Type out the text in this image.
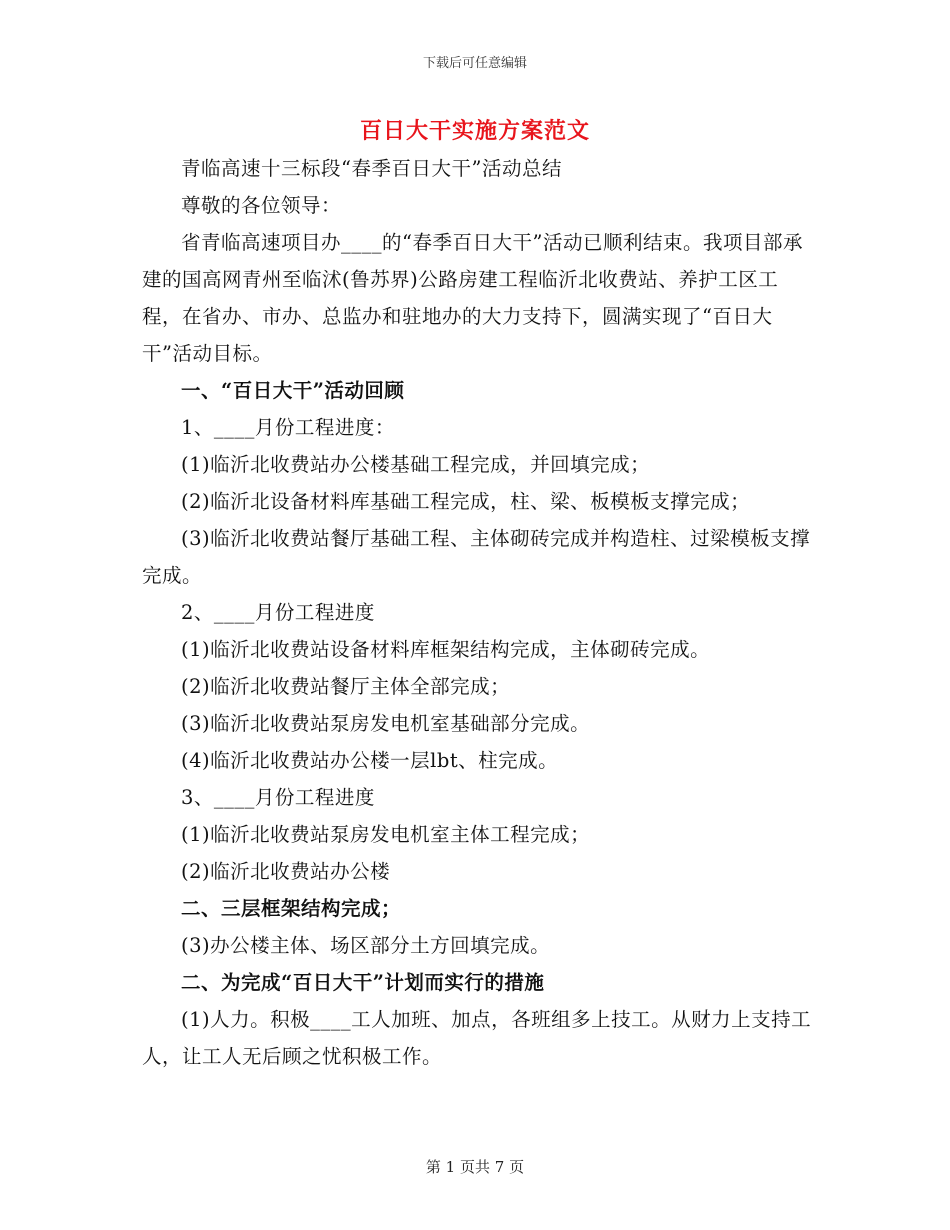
下载后可任意编辑
百日大干实施方案范文

青临高速十三标段“春季百日大干”活动总结

尊敬的各位领导：

省青临高速项目办____的“春季百日大干”活动已顺利结束。我项目部承建的国高网青州至临沭(鲁苏界)公路房建工程临沂北收费站、养护工区工程，在省办、市办、总监办和驻地办的大力支持下，圆满实现了“百日大干”活动目标。

一、“百日大干”活动回顾

1、____月份工程进度：

(1)临沂北收费站办公楼基础工程完成，并回填完成；

(2)临沂北设备材料库基础工程完成，柱、梁、板模板支撑完成；

(3)临沂北收费站餐厅基础工程、主体砌砖完成并构造柱、过梁模板支撑完成。

2、____月份工程进度

(1)临沂北收费站设备材料库框架结构完成，主体砌砖完成。

(2)临沂北收费站餐厅主体全部完成；

(3)临沂北收费站泵房发电机室基础部分完成。

(4)临沂北收费站办公楼一层lbt、柱完成。

3、____月份工程进度

(1)临沂北收费站泵房发电机室主体工程完成；

(2)临沂北收费站办公楼

二、三层框架结构完成；

(3)办公楼主体、场区部分土方回填完成。

二、为完成“百日大干”计划而实行的措施

(1)人力。积极____工人加班、加点，各班组多上技工。从财力上支持工人，让工人无后顾之忧积极工作。

第 1 页共 7 页
